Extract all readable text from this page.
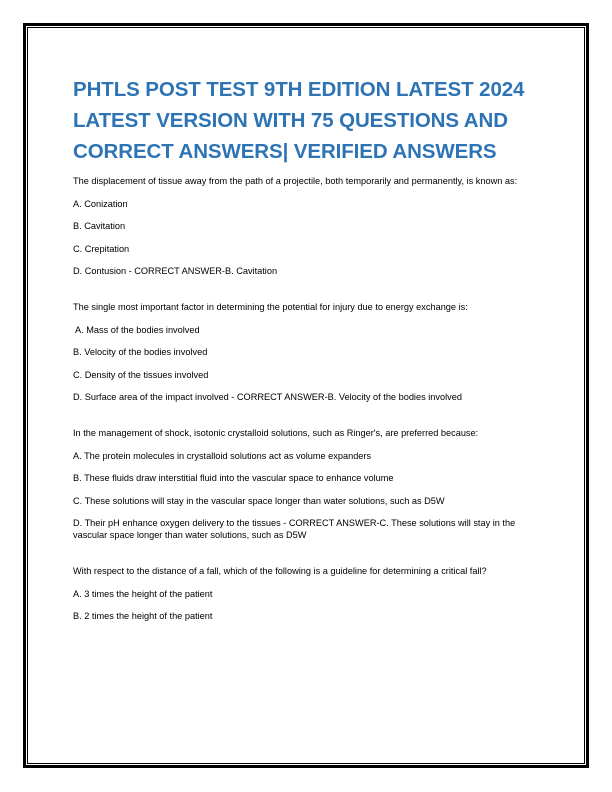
PHTLS POST TEST 9TH EDITION LATEST 2024 LATEST VERSION WITH 75 QUESTIONS AND CORRECT ANSWERS| VERIFIED ANSWERS

The displacement of tissue away from the path of a projectile, both temporarily and permanently, is known as:

A. Conization

B. Cavitation

C. Crepitation

D. Contusion - CORRECT ANSWER-B. Cavitation

The single most important factor in determining the potential for injury due to energy exchange is:

A. Mass of the bodies involved

B. Velocity of the bodies involved

C. Density of the tissues involved

D. Surface area of the impact involved - CORRECT ANSWER-B. Velocity of the bodies involved

In the management of shock, isotonic crystalloid solutions, such as Ringer's, are preferred because:

A. The protein molecules in crystalloid solutions act as volume expanders

B. These fluids draw interstitial fluid into the vascular space to enhance volume

C. These solutions will stay in the vascular space longer than water solutions, such as D5W

D. Their pH enhance oxygen delivery to the tissues - CORRECT ANSWER-C. These solutions will stay in the vascular space longer than water solutions, such as D5W

With respect to the distance of a fall, which of the following is a guideline for determining a critical fall?

A. 3 times the height of the patient

B. 2 times the height of the patient
